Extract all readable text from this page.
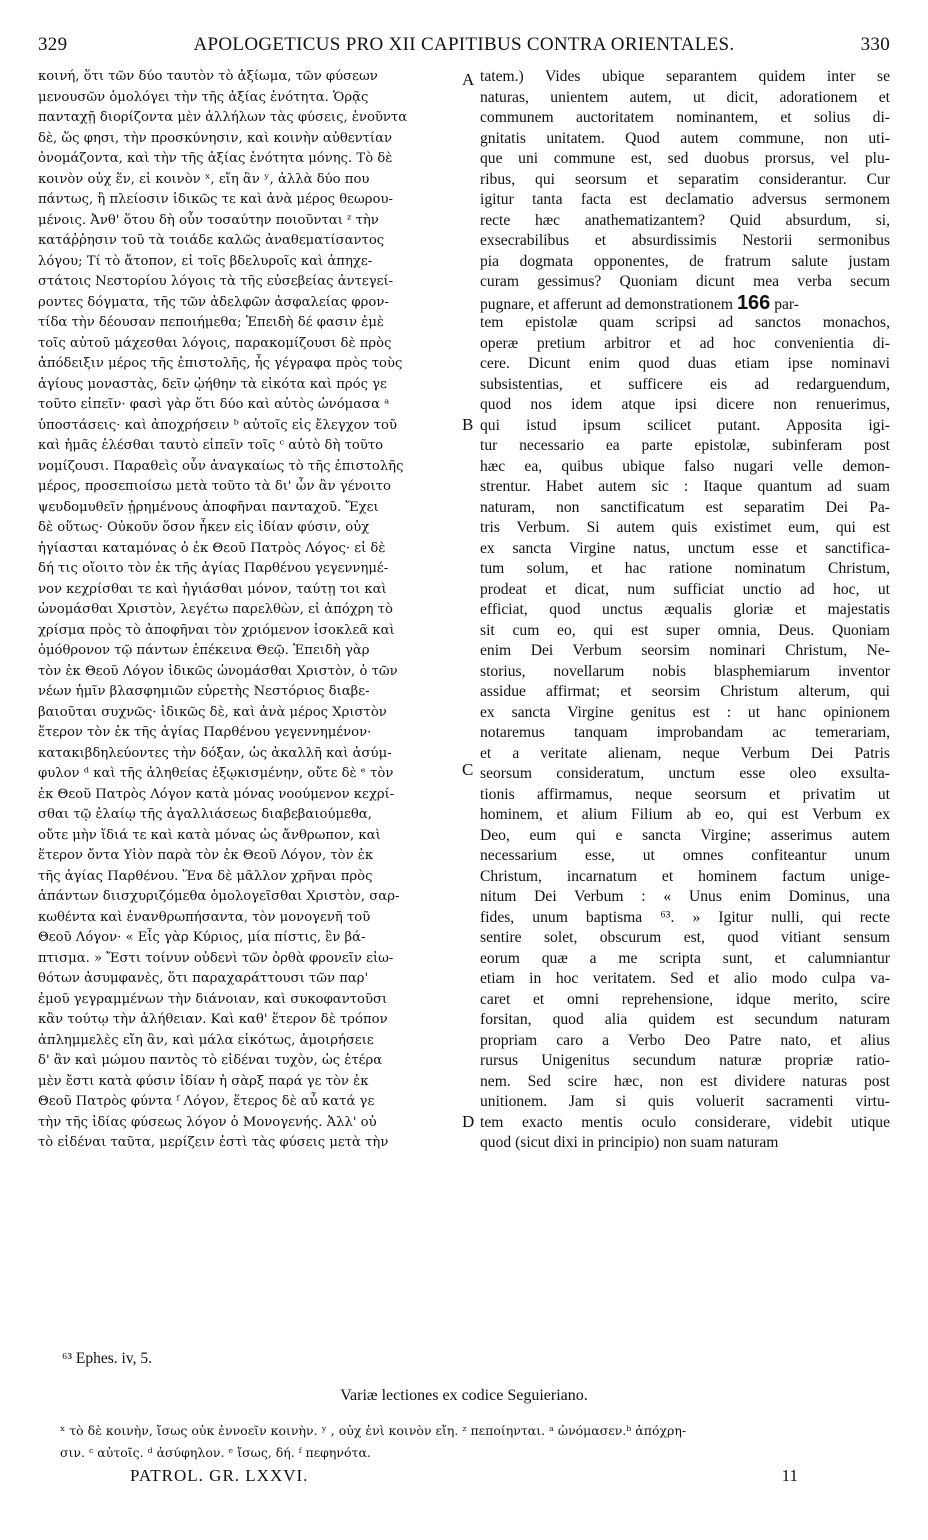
329	APOLOGETICUS PRO XII CAPITIBUS CONTRA ORIENTALES.	330
κοινή, ὅτι τῶν δύο ταυτὸν τὸ ἀξίωμα, τῶν φύσεων
μενουσῶν ὁμολόγει τὴν τῆς ἀξίας ἑνότητα. Ὁρᾷς
πανταχῇ διορίζοντα μὲν ἀλλήλων τὰς φύσεις, ἑνοῦντα
δὲ, ὥς φησι, τὴν προσκύνησιν, καὶ κοινὴν αὐθεντίαν
ὀνομάζοντα, καὶ τὴν τῆς ἀξίας ἑνότητα μόνης. Τὸ δὲ
κοινὸν οὐχ ἕν, εἰ κοινὸν ˣ, εἴη ἂν ʸ, ἀλλὰ δύο που
πάντως, ἢ πλείοσιν ἰδικῶς τε καὶ ἀνὰ μέρος θεωρου-
μένοις. Ἀνθ' ὅτου δὴ οὖν τοσαύτην ποιοῦνται ᶻ τὴν
κατάῤῥησιν τοῦ τὰ τοιάδε καλῶς ἀναθεματίσαντος
λόγου; Τί τὸ ἄτοπον, εἰ τοῖς βδελυροῖς καὶ ἀπηχε-
στάτοις Νεστορίου λόγοις τὰ τῆς εὐσεβείας ἀντεγεί-
ροντες δόγματα, τῆς τῶν ἀδελφῶν ἀσφαλείας φρον-
τίδα τὴν δέουσαν πεποιήμεθα; Ἐπειδὴ δέ φασιν ἐμὲ
τοῖς αὐτοῦ μάχεσθαι λόγοις, παρακομίζουσι δὲ πρὸς
ἀπόδειξιν μέρος τῆς ἐπιστολῆς, ἧς γέγραφα πρὸς τοὺς
ἁγίους μοναστὰς, δεῖν ᾠήθην τὰ εἰκότα καὶ πρός γε
τοῦτο εἰπεῖν· φασὶ γὰρ ὅτι δύο καὶ αὐτὸς ὠνόμασα ᵃ
ὑποστάσεις· καὶ ἀποχρήσειν ᵇ αὐτοῖς εἰς ἔλεγχον τοῦ
καὶ ἡμᾶς ἑλέσθαι ταυτὸ εἰπεῖν τοῖς ᶜ αὐτὸ δὴ τοῦτο
νομίζουσι. Παραθεὶς οὖν ἀναγκαίως τὸ τῆς ἐπιστολῆς
μέρος, προσεπιοίσω μετὰ τοῦτο τὰ δι' ὧν ἂν γένοιτο
ψευδομυθεῖν ᾐρημένους ἀποφῆναι πανταχοῦ. Ἔχει
δὲ οὕτως· Οὐκοῦν ὅσον ἧκεν εἰς ἰδίαν φύσιν, οὐχ
ἡγίασται καταμόνας ὁ ἐκ Θεοῦ Πατρὸς Λόγος· εἰ δὲ
δή τις οἴοιτο τὸν ἐκ τῆς ἁγίας Παρθένου γεγεννημέ-
νον κεχρίσθαι τε καὶ ἡγιάσθαι μόνον, ταύτῃ τοι καὶ
ὠνομάσθαι Χριστὸν, λεγέτω παρελθὼν, εἰ ἀπόχρη τὸ
χρίσμα πρὸς τὸ ἀποφῆναι τὸν χριόμενον ἰσοκλεᾶ καὶ
ὁμόθρονον τῷ πάντων ἐπέκεινα Θεῷ. Ἐπειδὴ γὰρ
τὸν ἐκ Θεοῦ Λόγον ἰδικῶς ὠνομάσθαι Χριστὸν, ὁ τῶν
νέων ἡμῖν βλασφημιῶν εὑρετὴς Νεστόριος διαβε-
βαιοῦται συχνῶς· ἰδικῶς δὲ, καὶ ἀνὰ μέρος Χριστὸν
ἕτερον τὸν ἐκ τῆς ἁγίας Παρθένου γεγεννημένον·
κατακιβδηλεύοντες τὴν δόξαν, ὡς ἀκαλλῆ καὶ ἀσύμ-
φυλον ᵈ καὶ τῆς ἀληθείας ἐξῳκισμένην, οὔτε δὲ ᵉ τὸν
ἐκ Θεοῦ Πατρὸς Λόγον κατὰ μόνας νοούμενον κεχρί-
σθαι τῷ ἐλαίῳ τῆς ἀγαλλιάσεως διαβεβαιούμεθα,
οὔτε μὴν ἴδιά τε καὶ κατὰ μόνας ὡς ἄνθρωπον, καὶ
ἕτερον ὄντα Υἱὸν παρὰ τὸν ἐκ Θεοῦ Λόγον, τὸν ἐκ
τῆς ἁγίας Παρθένου. Ἕνα δὲ μᾶλλον χρῆναι πρὸς
ἁπάντων διισχυριζόμεθα ὁμολογεῖσθαι Χριστὸν, σαρ-
κωθέντα καὶ ἐνανθρωπήσαντα, τὸν μονογενῆ τοῦ
Θεοῦ Λόγον· « Εἷς γὰρ Κύριος, μία πίστις, ἓν βά-
πτισμα. » Ἔστι τοίνυν οὐδενὶ τῶν ὀρθὰ φρονεῖν εἰω-
θότων ἀσυμφανὲς, ὅτι παραχαράττουσι τῶν παρ'
ἐμοῦ γεγραμμένων τὴν διάνοιαν, καὶ συκοφαντοῦσι
κἂν τούτῳ τὴν ἀλήθειαν. Καὶ καθ' ἕτερον δὲ τρόπον
ἀπλημμελὲς εἴη ἂν, καὶ μάλα εἰκότως, ἀμοιρήσειε
δ' ἂν καὶ μώμου παντὸς τὸ εἰδέναι τυχὸν, ὡς ἑτέρα
μὲν ἔστι κατὰ φύσιν ἰδίαν ἡ σὰρξ παρά γε τὸν ἐκ
Θεοῦ Πατρὸς φύντα ᶠ Λόγον, ἕτερος δὲ αὖ κατά γε
τὴν τῆς ἰδίας φύσεως λόγον ὁ Μονογενής. Ἀλλ' οὐ
τὸ εἰδέναι ταῦτα, μερίζειν ἐστὶ τὰς φύσεις μετὰ τὴν
tatem.) Vides ubique separantem quidem inter se
naturas, unientem autem, ut dicit, adorationem et
communem auctoritatem nominantem, et solius di-
gnitatis unitatem. Quod autem commune, non uti-
que uni commune est, sed duobus prorsus, vel plu-
ribus, qui seorsum et separatim considerantur. Cur
igitur tanta facta est declamatio adversus sermonem
recte hæc anathematizantem? Quid absurdum, si,
exsecrabilibus et absurdissimis Nestorii sermonibus
pia dogmata opponentes, de fratrum salute justam
curam gessimus? Quoniam dicunt mea verba secum
pugnare, et afferunt ad demonstrationem 166 par-
tem epistolæ quam scripsi ad sanctos monachos,
operæ pretium arbitror et ad hoc convenientia di-
cere. Dicunt enim quod duas etiam ipse nominavi
subsistentias, et sufficere eis ad redarguendum,
quod nos idem atque ipsi dicere non renuerimus,
qui istud ipsum scilicet putant. Apposita igi-
tur necessario ea parte epistolæ, subinferam post
hæc ea, quibus ubique falso nugari velle demon-
strentur. Habet autem sic : Itaque quantum ad suam
naturam, non sanctificatum est separatim Dei Pa-
tris Verbum. Si autem quis existimet eum, qui est
ex sancta Virgine natus, unctum esse et sanctifica-
tum solum, et hac ratione nominatum Christum,
prodeat et dicat, num sufficiat unctio ad hoc, ut
efficiat, quod unctus æqualis gloriæ et majestatis
sit cum eo, qui est super omnia, Deus. Quoniam
enim Dei Verbum seorsim nominari Christum, Ne-
storius, novellarum nobis blasphemiarum inventor
assidue affirmat; et seorsim Christum alterum, qui
ex sancta Virgine genitus est : ut hanc opinionem
notaremus tanquam improbandam ac temerariam,
et a veritate alienam, neque Verbum Dei Patris
seorsum consideratum, unctum esse oleo exsulta-
tionis affirmamus, neque seorsum et privatim ut
hominem, et alium Filium ab eo, qui est Verbum ex
Deo, eum qui e sancta Virgine; asserimus autem
necessarium esse, ut omnes confiteantur unum
Christum, incarnatum et hominem factum unige-
nitum Dei Verbum : « Unus enim Dominus, una
fides, unum baptisma ⁶³. » Igitur nulli, qui recte
sentire solet, obscurum est, quod vitiant sensum
eorum quæ a me scripta sunt, et calumniantur
etiam in hoc veritatem. Sed et alio modo culpa va-
caret et omni reprehensione, idque merito, scire
forsitan, quod alia quidem est secundum naturam
propriam caro a Verbo Deo Patre nato, et alius
rursus Unigenitus secundum naturæ propriæ ratio-
nem. Sed scire hæc, non est dividere naturas post
unitionem. Jam si quis voluerit sacramenti virtu-
tem exacto mentis oculo considerare, videbit utique
quod (sicut dixi in principio) non suam naturam
A
B
C
D
⁶³ Ephes. iv, 5.
Variæ lectiones ex codice Seguieriano.
ˣ τὸ δὲ κοινὴν, ἴσως οὐκ ἐννοεῖν κοινὴν. ʸ , οὐχ ἑνὶ κοινὸν εἴη. ᶻ πεποίηνται. ᵃ ὠνόμασεν.ᵇ ἀπόχρη-
σιν. ᶜ αὐτοῖς. ᵈ ἀσύφηλον. ᵉ ἴσως, δή. ᶠ πεφηνότα.
PATROL. GR. LXXVI.	11
